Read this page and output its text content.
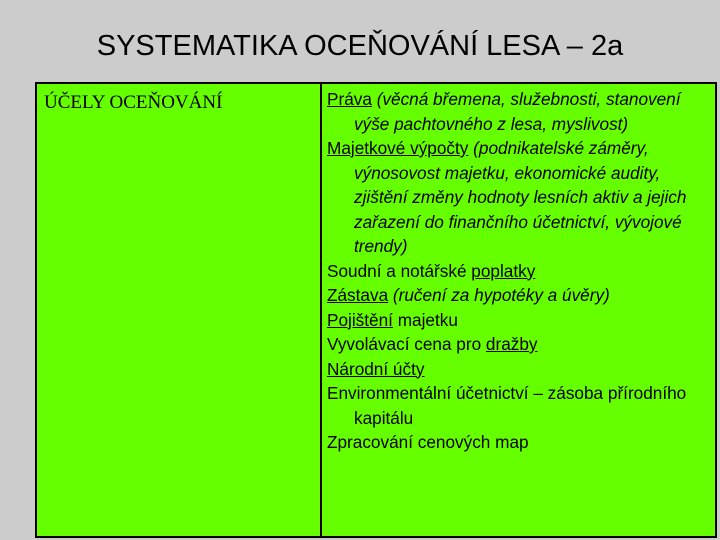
SYSTEMATIKA OCEŇOVÁNÍ LESA – 2a
ÚČELY OCEŇOVÁNÍ	Práva (věcná břemena, služebnosti, stanovení výše pachtovného z lesa, myslivost)

Majetkové výpočty (podnikatelské záměry, výnosovost majetku, ekonomické audity, zjištění změny hodnoty lesních aktiv a jejich zařazení do finančního účetnictví, vývojové trendy)

Soudní a notářské poplatky

Zástava (ručení za hypotéky a úvěry)

Pojištění majetku

Vyvolávací cena pro dražby

Národní účty

Environmentální účetnictví – zásoba přírodního kapitálu

Zpracování cenových map
